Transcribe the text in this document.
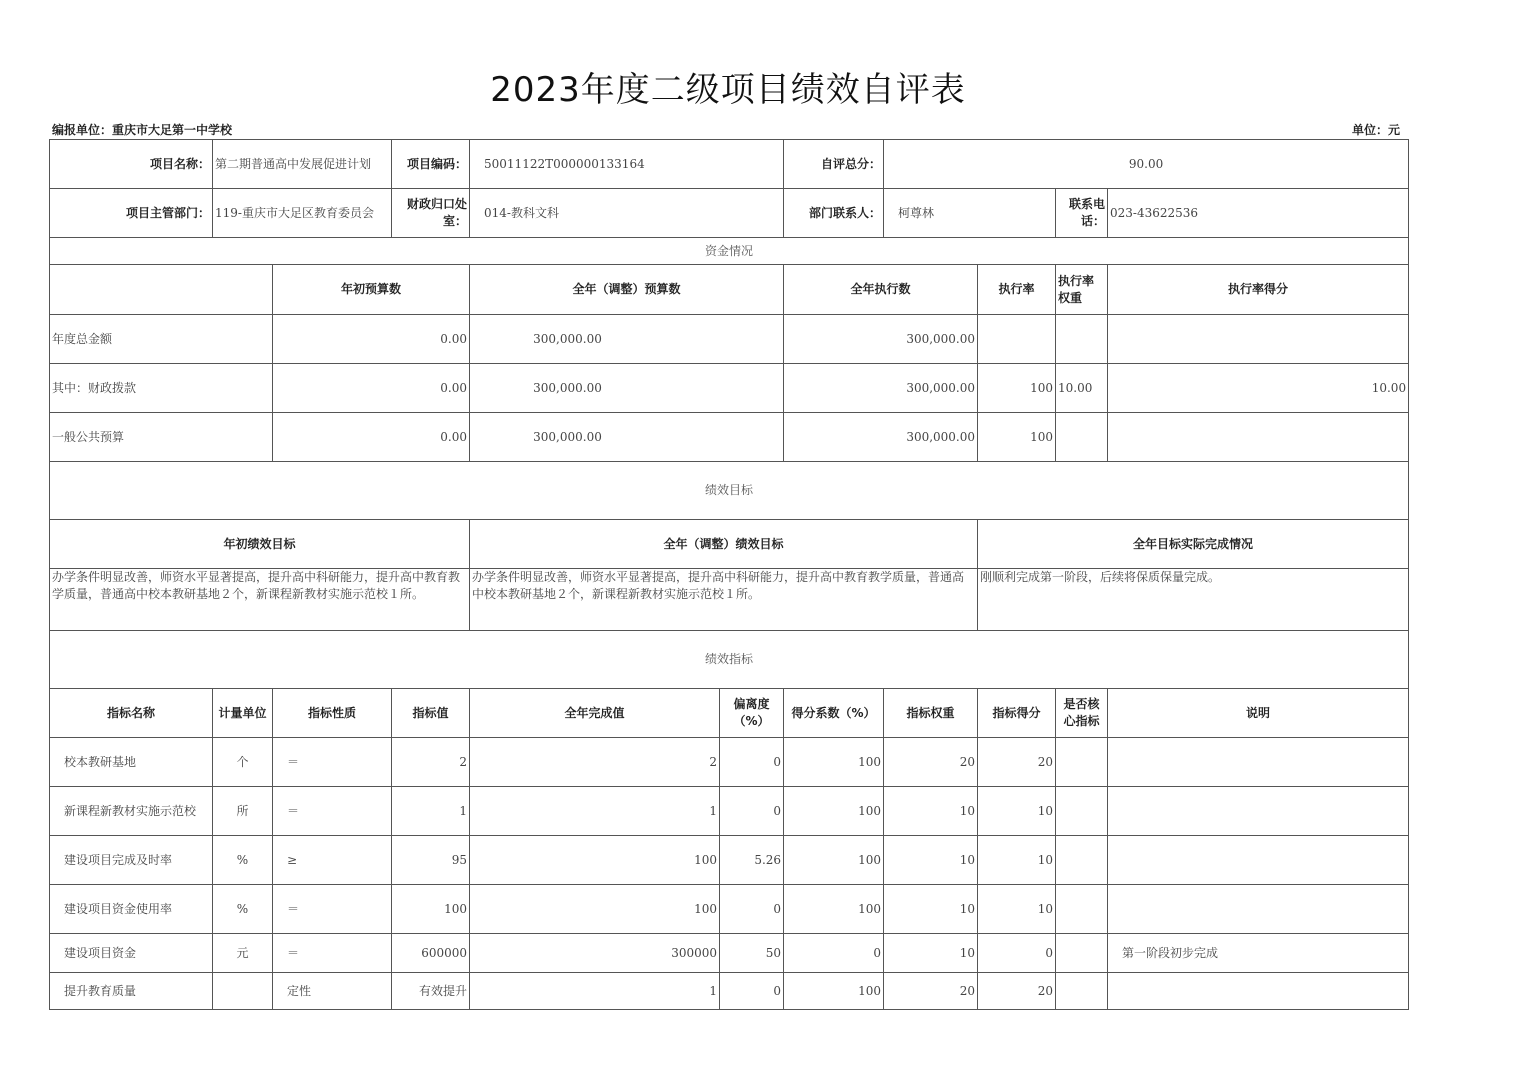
2023年度二级项目绩效自评表
编报单位：重庆市大足第一中学校	单位：元
项目名称：	第二期普通高中发展促进计划		项目编码：	50011122T000000133164		自评总分：	90.00			
项目主管部门：	119-重庆市大足区教育委员会		财政归口处室：	014-教科文科		部门联系人：	柯尊林		联系电话：	023-43622536
资金情况										
		年初预算数		全年（调整）预算数		全年执行数		执行率	执行率权重	执行率得分
年度总金额		0.00		300,000.00		300,000.00				
其中：财政拨款		0.00		300,000.00		300,000.00		100	10.00	10.00
一般公共预算		0.00		300,000.00		300,000.00		100		
绩效目标										
年初绩效目标				全年（调整）绩效目标				全年目标实际完成情况		
办学条件明显改善，师资水平显著提高，提升高中科研能力，提升高中教育教学质量，普通高中校本教研基地２个，新课程新教材实施示范校１所。				办学条件明显改善，师资水平显著提高，提升高中科研能力，提升高中教育教学质量，普通高中校本教研基地２个，新课程新教材实施示范校１所。				刚顺利完成第一阶段，后续将保质保量完成。		
绩效指标										
指标名称	计量单位	指标性质	指标值	全年完成值	偏离度（%）	得分系数（%）	指标权重	指标得分	是否核心指标	说明
校本教研基地	个	＝	2	2	0	100	20	20		
新课程新教材实施示范校	所	＝	1	1	0	100	10	10		
建设项目完成及时率	%	≥	95	100	5.26	100	10	10		
建设项目资金使用率	%	＝	100	100	0	100	10	10		
建设项目资金	元	＝	600000	300000	50	0	10	0		第一阶段初步完成
提升教育质量		定性	有效提升	1	0	100	20	20		
